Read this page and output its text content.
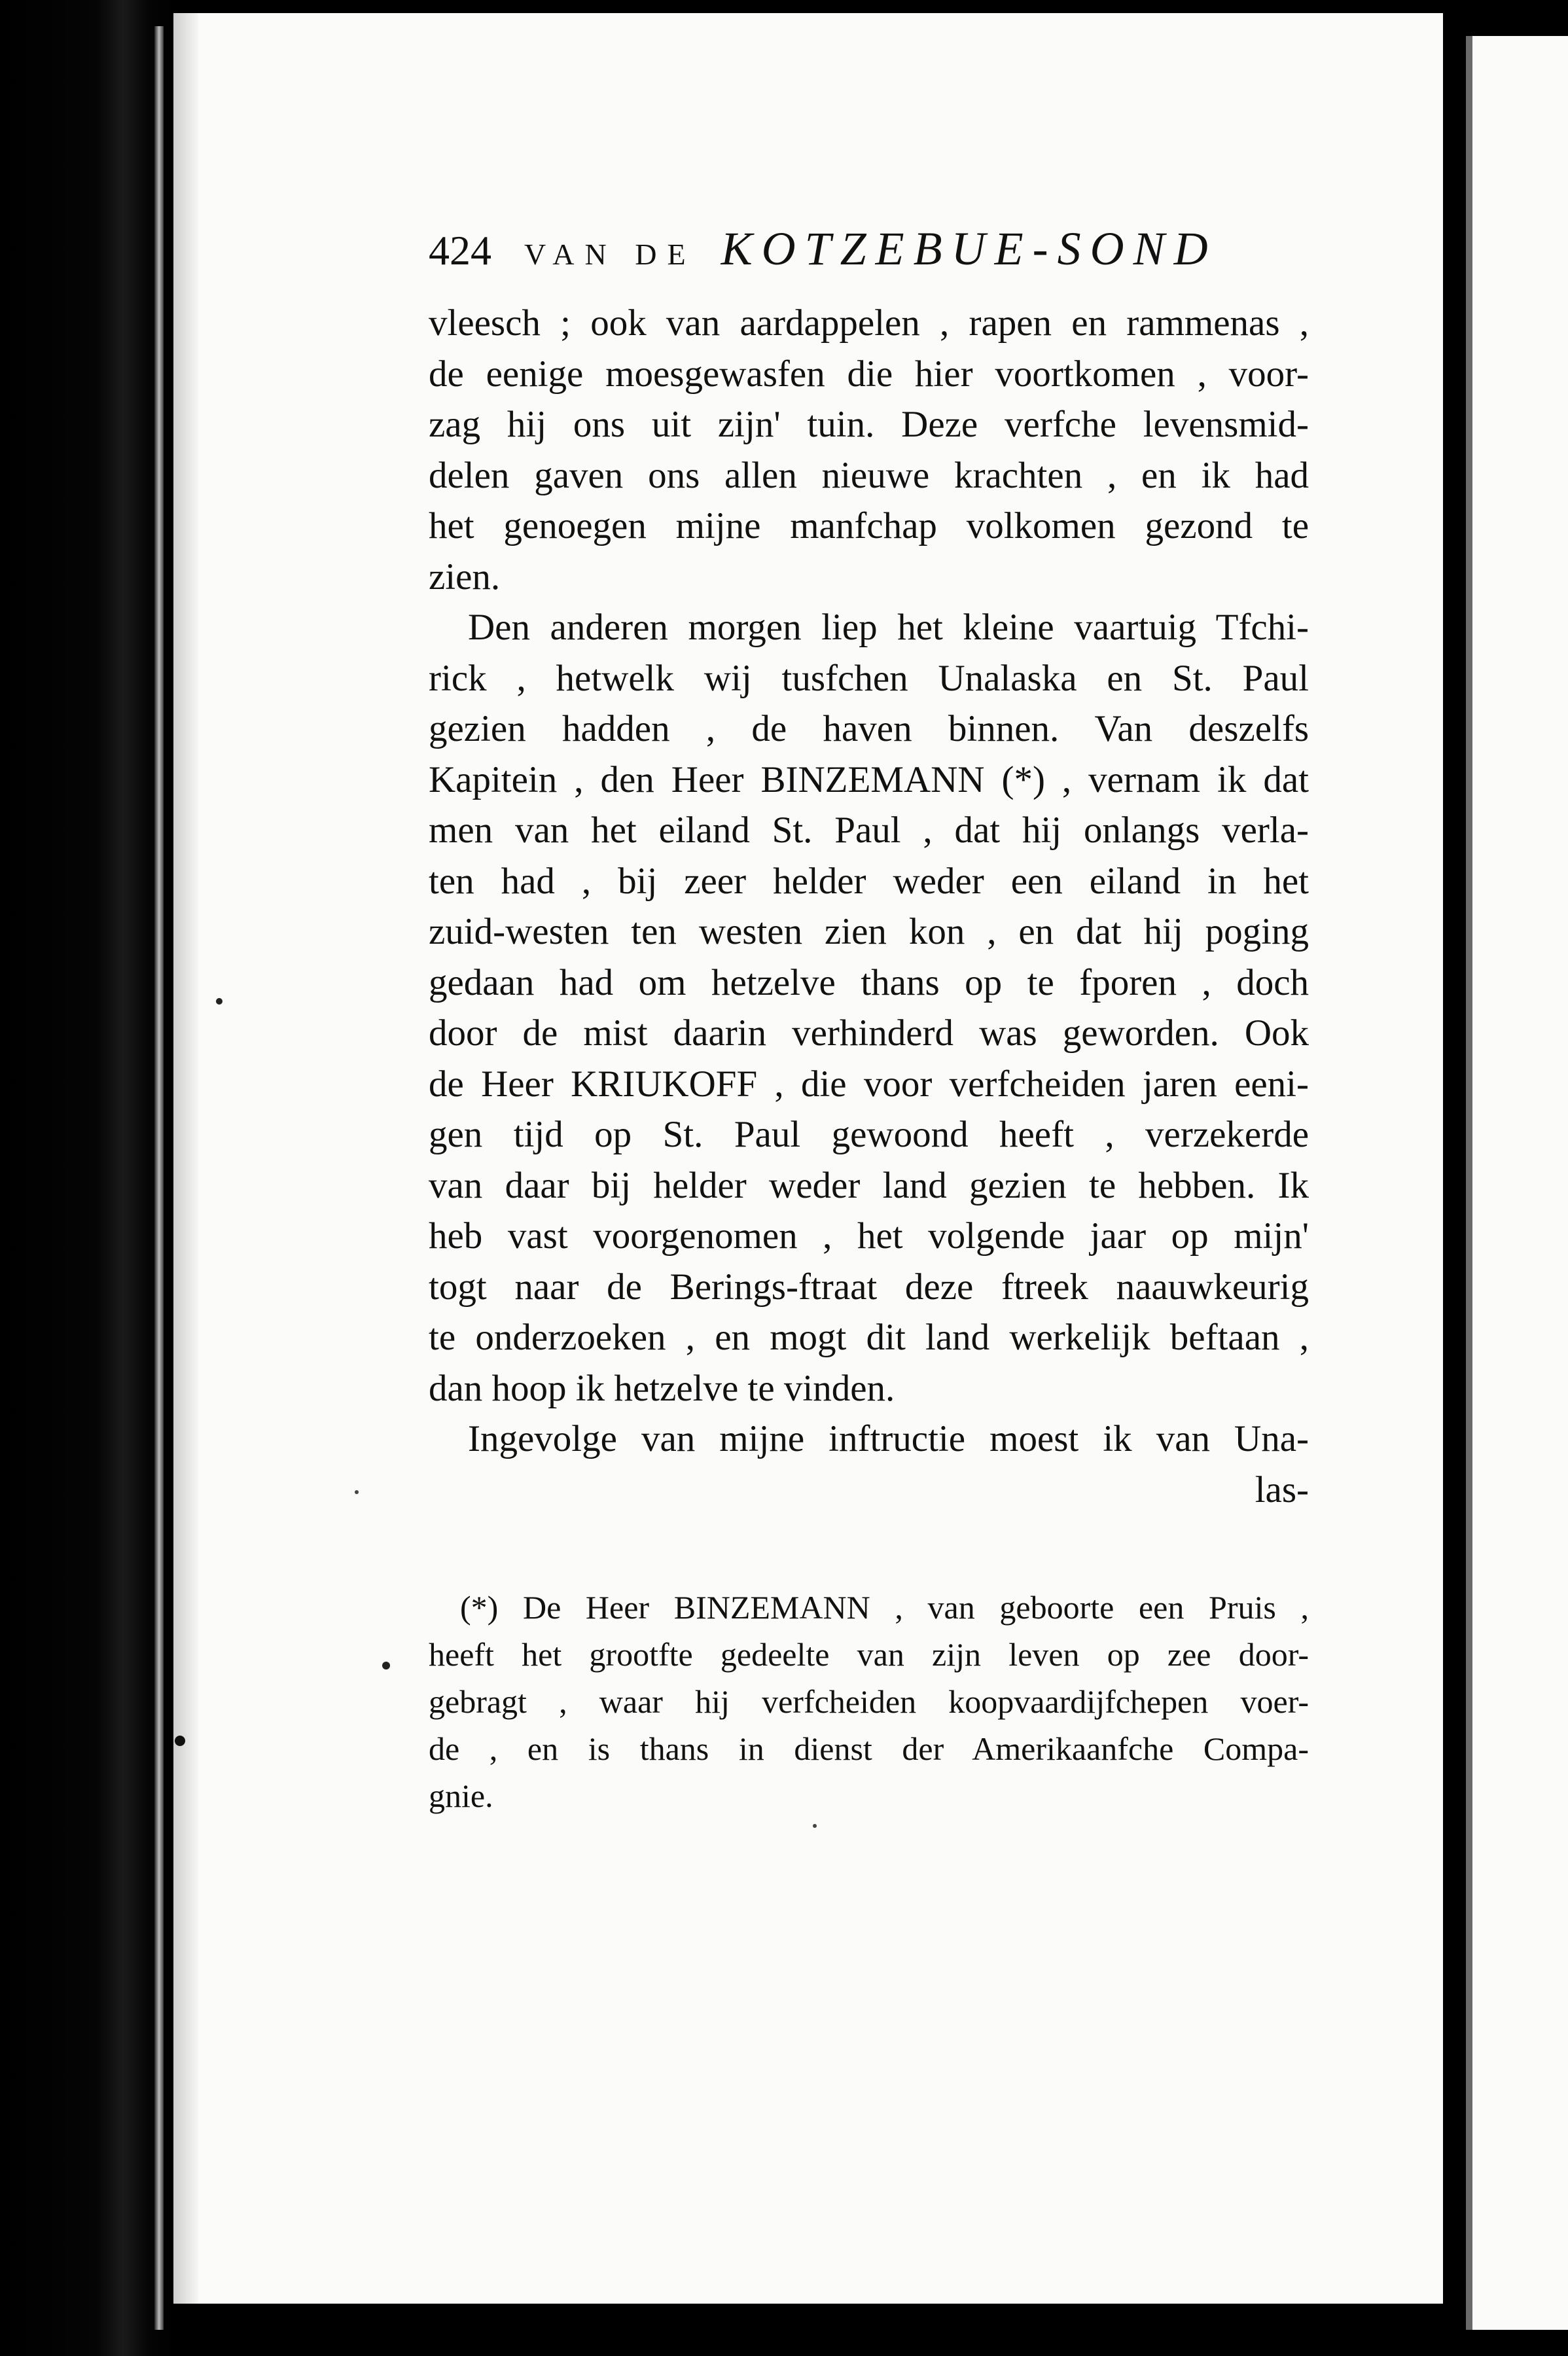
424 VAN DE KOTZEBUE-SOND
vleesch ; ook van aardappelen , rapen en rammenas ,
de eenige moesgewasfen die hier voortkomen , voor-
zag hij ons uit zijn' tuin. Deze verfche levensmid-
delen gaven ons allen nieuwe krachten , en ik had
het genoegen mijne manfchap volkomen gezond te
zien.
Den anderen morgen liep het kleine vaartuig Tfchi-
rick , hetwelk wij tusfchen Unalaska en St. Paul
gezien hadden , de haven binnen. Van deszelfs
Kapitein , den Heer BINZEMANN (*) , vernam ik dat
men van het eiland St. Paul , dat hij onlangs verla-
ten had , bij zeer helder weder een eiland in het
zuid-westen ten westen zien kon , en dat hij poging
gedaan had om hetzelve thans op te fporen , doch
door de mist daarin verhinderd was geworden. Ook
de Heer KRIUKOFF , die voor verfcheiden jaren eeni-
gen tijd op St. Paul gewoond heeft , verzekerde
van daar bij helder weder land gezien te hebben. Ik
heb vast voorgenomen , het volgende jaar op mijn'
togt naar de Berings-ftraat deze ftreek naauwkeurig
te onderzoeken , en mogt dit land werkelijk beftaan ,
dan hoop ik hetzelve te vinden.
Ingevolge van mijne inftructie moest ik van Una-
las-
(*) De Heer BINZEMANN , van geboorte een Pruis ,
heeft het grootfte gedeelte van zijn leven op zee door-
gebragt , waar hij verfcheiden koopvaardijfchepen voer-
de , en is thans in dienst der Amerikaanfche Compa-
gnie.
